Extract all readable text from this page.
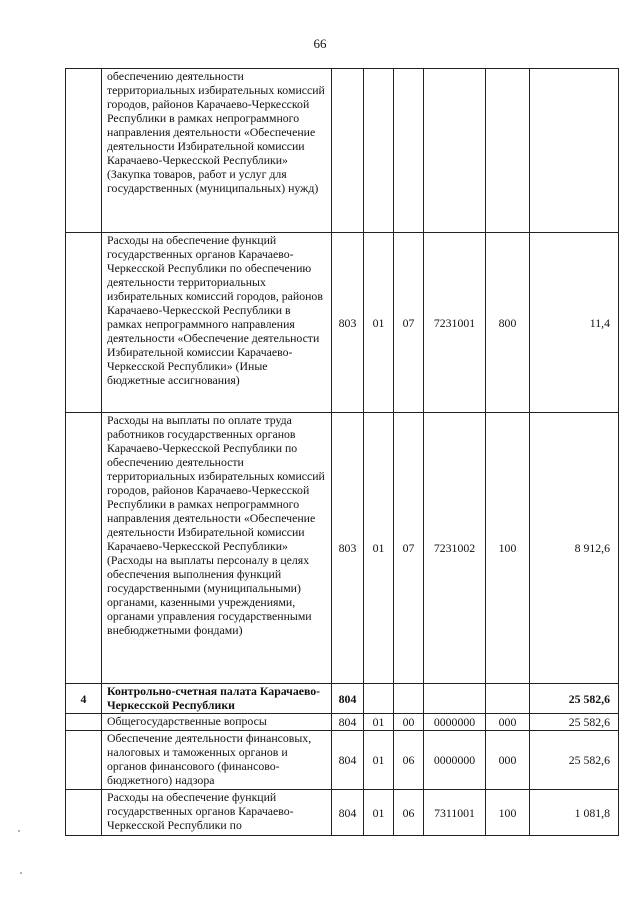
66
	обеспечению деятельности территориальных избирательных комиссий городов, районов Карачаево-Черкесской Республики в рамках непрограммного направления деятельности «Обеспечение деятельности Избирательной комиссии Карачаево-Черкесской Республики» (Закупка товаров, работ и услуг для государственных (муниципальных) нужд)						
	Расходы на обеспечение функций государственных органов Карачаево-Черкесской Республики по обеспечению деятельности территориальных избирательных комиссий городов, районов Карачаево-Черкесской Республики в рамках непрограммного направления деятельности «Обеспечение деятельности Избирательной комиссии Карачаево-Черкесской Республики» (Иные бюджетные ассигнования)	803	01	07	7231001	800	11,4
	Расходы на выплаты по оплате труда работников государственных органов Карачаево-Черкесской Республики по обеспечению деятельности территориальных избирательных комиссий городов, районов Карачаево-Черкесской Республики в рамках непрограммного направления деятельности «Обеспечение деятельности Избирательной комиссии Карачаево-Черкесской Республики» (Расходы на выплаты персоналу в целях обеспечения выполнения функций государственными (муниципальными) органами, казенными учреждениями, органами управления государственными внебюджетными фондами)	803	01	07	7231002	100	8 912,6
4	Контрольно-счетная палата Карачаево-Черкесской Республики	804					25 582,6
	Общегосударственные вопросы	804	01	00	0000000	000	25 582,6
	Обеспечение деятельности финансовых, налоговых и таможенных органов и органов финансового (финансово-бюджетного) надзора	804	01	06	0000000	000	25 582,6
	Расходы на обеспечение функций государственных органов Карачаево-Черкесской Республики по	804	01	06	7311001	100	1 081,8
